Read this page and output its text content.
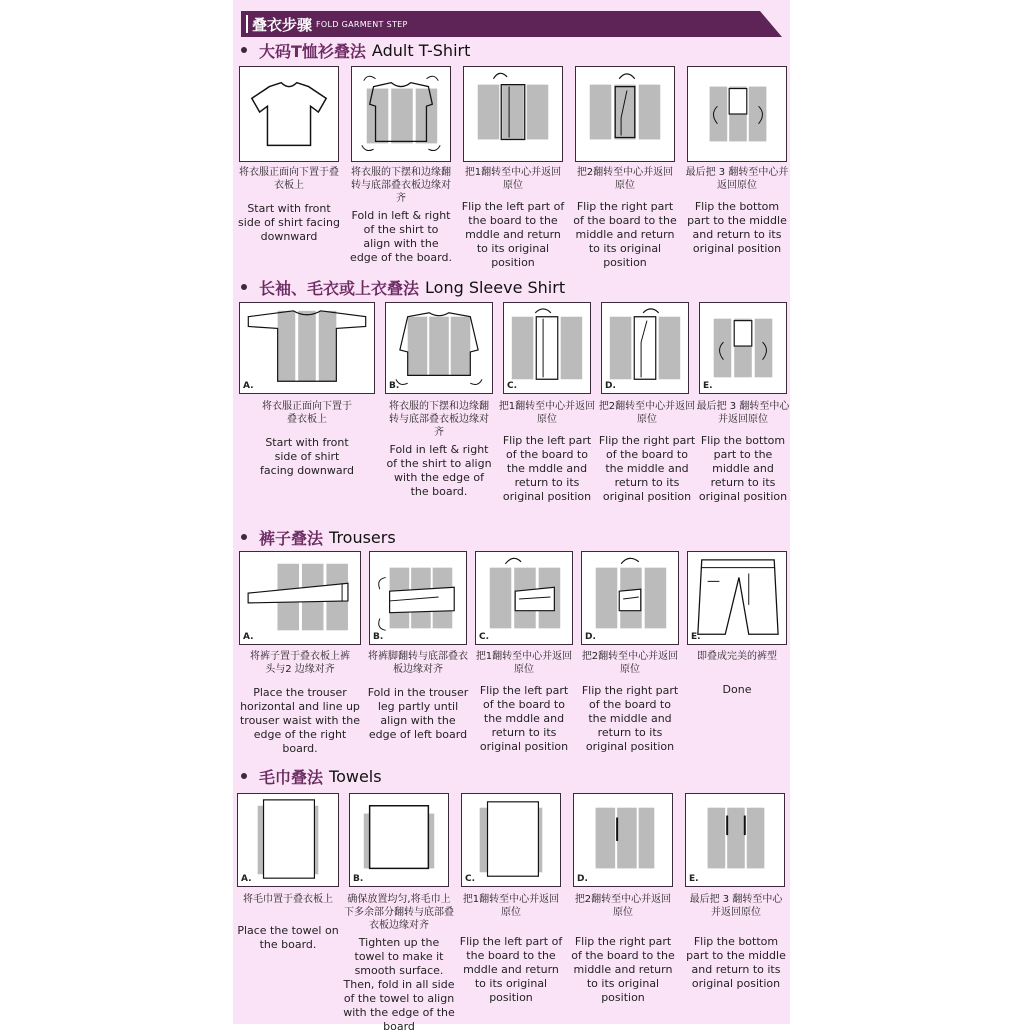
叠衣步骤 FOLD GARMENT STEP
大码T恤衫叠法 Adult T-Shirt
将衣服正面向下置于叠衣板上
Start with front side of shirt facing downward
将衣服的下摆和边缘翻转与底部叠衣板边缘对齐
Fold in left & right of the shirt to align with the edge of the board.
把1翻转至中心并返回原位
Flip the left part of the board to the mddle and return to its original position
把2翻转至中心并返回原位
Flip the right part of the board to the middle and return to its original position
最后把 3 翻转至中心并返回原位
Flip the bottom part to the middle and return to its original position
长袖、毛衣或上衣叠法 Long Sleeve Shirt
A.	B.	C.	D.	E.
将衣服正面向下置于叠衣板上
Start with front side of shirt facing downward
将衣服的下摆和边缘翻转与底部叠衣板边缘对齐
Fold in left & right of the shirt to align with the edge of the board.
把1翻转至中心并返回原位
Flip the left part of the board to the mddle and return to its original position
把2翻转至中心并返回原位
Flip the right part of the board to the middle and return to its original position
最后把 3 翻转至中心并返回原位
Flip the bottom part to the middle and return to its original position
裤子叠法 Trousers
A.	B.	C.	D.	E.
将裤子置于叠衣板上裤头与2 边缘对齐
Place the trouser horizontal and line up trouser waist with the edge of the right board.
将裤脚翻转与底部叠衣板边缘对齐
Fold in the trouser leg partly until align with the edge of left board
把1翻转至中心并返回原位
Flip the left part of the board to the mddle and return to its original position
把2翻转至中心并返回原位
Flip the right part of the board to the middle and return to its original position
即叠成完美的裤型
Done
毛巾叠法 Towels
A.	B.	C.	D.	E.
将毛巾置于叠衣板上
Place the towel on the board.
确保放置均匀,将毛巾上下多余部分翻转与底部叠衣板边缘对齐
Tighten up the towel to make it smooth surface. Then, fold in all side of the towel to align with the edge of the board
把1翻转至中心并返回原位
Flip the left part of the board to the mddle and return to its original position
把2翻转至中心并返回原位
Flip the right part of the board to the middle and return to its original position
最后把 3 翻转至中心并返回原位
Flip the bottom part to the middle and return to its original position
